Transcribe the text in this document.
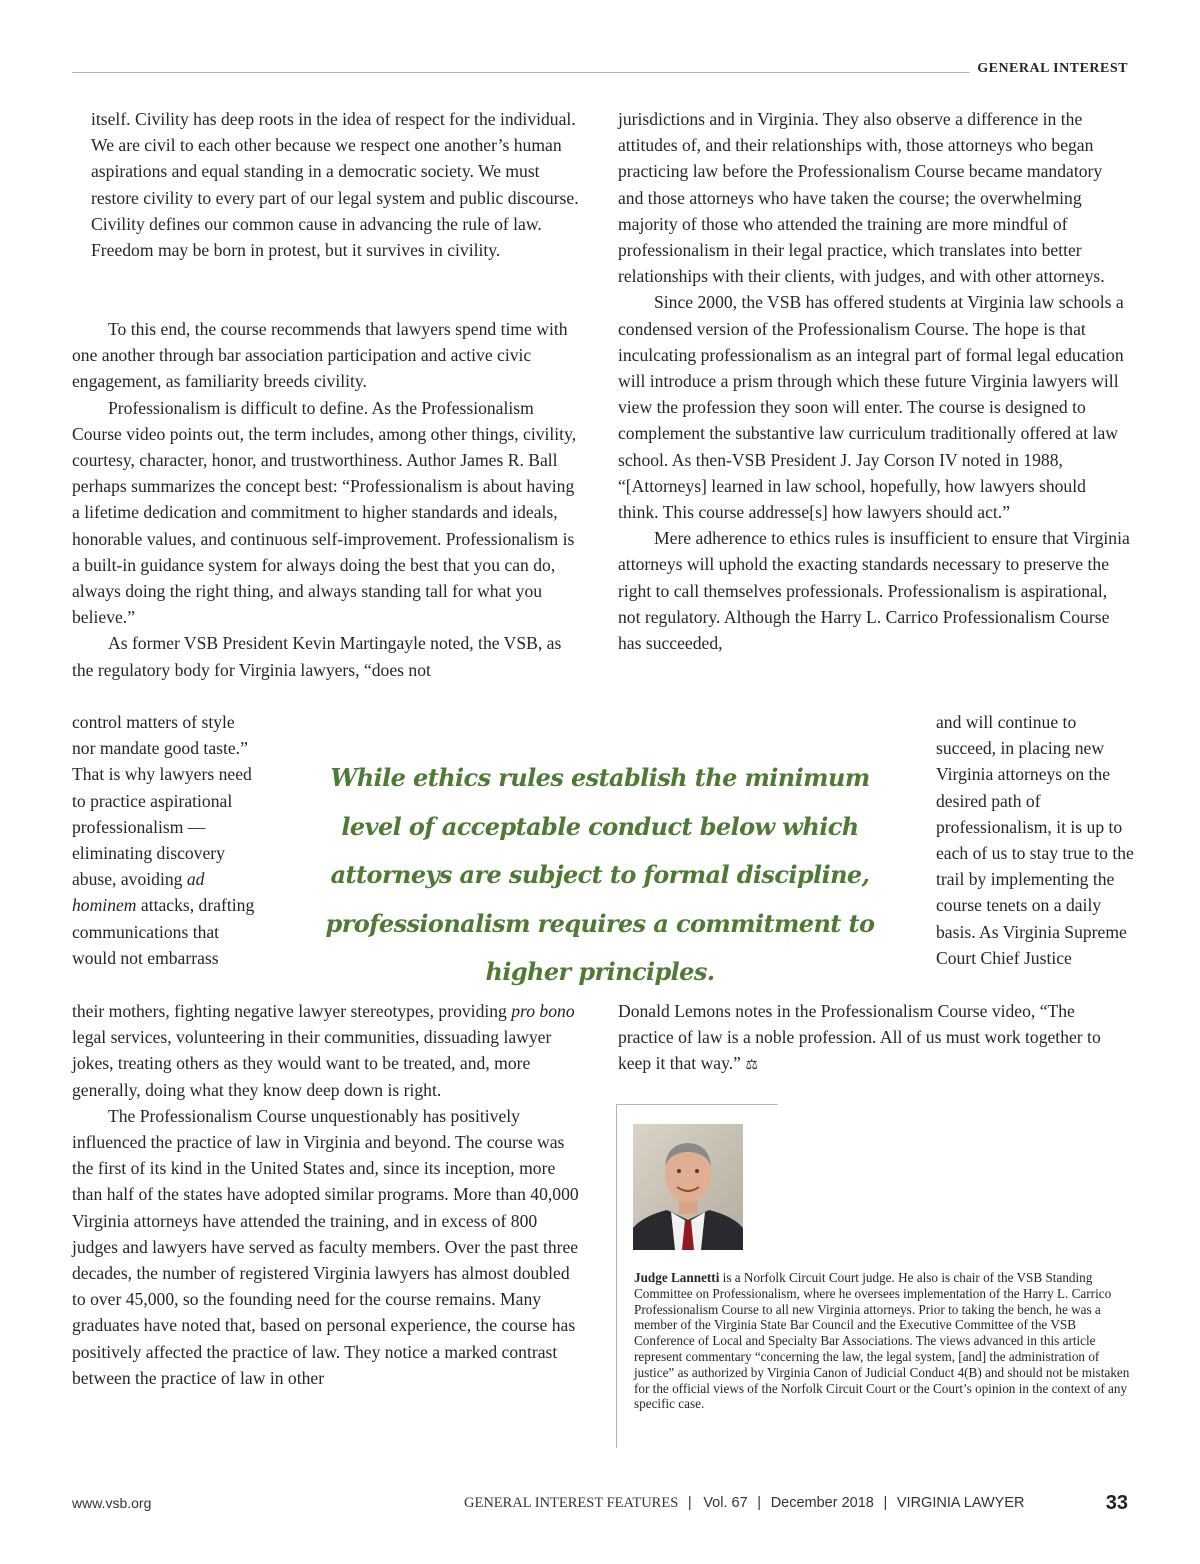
GENERAL INTEREST

itself. Civility has deep roots in the idea of respect for the individual. We are civil to each other because we respect one another’s human aspirations and equal standing in a democratic society. We must restore civility to every part of our legal system and public discourse. Civility defines our common cause in advancing the rule of law. Freedom may be born in protest, but it survives in civility.

To this end, the course recommends that lawyers spend time with one another through bar association participation and active civic engagement, as familiarity breeds civility.

Professionalism is difficult to define. As the Professionalism Course video points out, the term includes, among other things, civility, courtesy, character, honor, and trustworthiness. Author James R. Ball perhaps summarizes the concept best: “Professionalism is about having a lifetime dedication and commitment to higher standards and ideals, honorable values, and continuous self-improvement. Professionalism is a built-in guidance system for always doing the best that you can do, always doing the right thing, and always standing tall for what you believe.”

As former VSB President Kevin Martingayle noted, the VSB, as the regulatory body for Virginia lawyers, “does not

control matters of style nor mandate good taste.” That is why lawyers need to practice aspirational professionalism — eliminating discovery abuse, avoiding ad hominem attacks, drafting communications that would not embarrass

their mothers, fighting negative lawyer stereotypes, providing pro bono legal services, volunteering in their communities, dissuading lawyer jokes, treating others as they would want to be treated, and, more generally, doing what they know deep down is right.

The Professionalism Course unquestionably has positively influenced the practice of law in Virginia and beyond. The course was the first of its kind in the United States and, since its inception, more than half of the states have adopted similar programs. More than 40,000 Virginia attorneys have attended the training, and in excess of 800 judges and lawyers have served as faculty members. Over the past three decades, the number of registered Virginia lawyers has almost doubled to over 45,000, so the founding need for the course remains. Many graduates have noted that, based on personal experience, the course has positively affected the practice of law. They notice a marked contrast between the practice of law in other

jurisdictions and in Virginia. They also observe a difference in the attitudes of, and their relationships with, those attorneys who began practicing law before the Professionalism Course became mandatory and those attorneys who have taken the course; the overwhelming majority of those who attended the training are more mindful of professionalism in their legal practice, which translates into better relationships with their clients, with judges, and with other attorneys.

Since 2000, the VSB has offered students at Virginia law schools a condensed version of the Professionalism Course. The hope is that inculcating professionalism as an integral part of formal legal education will introduce a prism through which these future Virginia lawyers will view the profession they soon will enter. The course is designed to complement the substantive law curriculum traditionally offered at law school. As then-VSB President J. Jay Corson IV noted in 1988, “[Attorneys] learned in law school, hopefully, how lawyers should think. This course addresse[s] how lawyers should act.”

Mere adherence to ethics rules is insufficient to ensure that Virginia attorneys will uphold the exacting standards necessary to preserve the right to call themselves professionals. Professionalism is aspirational, not regulatory. Although the Harry L. Carrico Professionalism Course has succeeded,

and will continue to succeed, in placing new Virginia attorneys on the desired path of professionalism, it is up to each of us to stay true to the trail by implementing the course tenets on a daily basis. As Virginia Supreme Court Chief Justice

Donald Lemons notes in the Professionalism Course video, “The practice of law is a noble profession. All of us must work together to keep it that way.” ⚖

While ethics rules establish the minimum level of acceptable conduct below which attorneys are subject to formal discipline, professionalism requires a commitment to higher principles.
Judge Lannetti is a Norfolk Circuit Court judge. He also is chair of the VSB Standing Committee on Professionalism, where he oversees implementation of the Harry L. Carrico Professionalism Course to all new Virginia attorneys. Prior to taking the bench, he was a member of the Virginia State Bar Council and the Executive Committee of the VSB Conference of Local and Specialty Bar Associations. The views advanced in this article represent commentary “concerning the law, the legal system, [and] the administration of justice” as authorized by Virginia Canon of Judicial Conduct 4(B) and should not be mistaken for the official views of the Norfolk Circuit Court or the Court’s opinion in the context of any specific case.
www.vsb.org	GENERAL INTEREST FEATURES | Vol. 67 | December 2018 | VIRGINIA LAWYER	33
